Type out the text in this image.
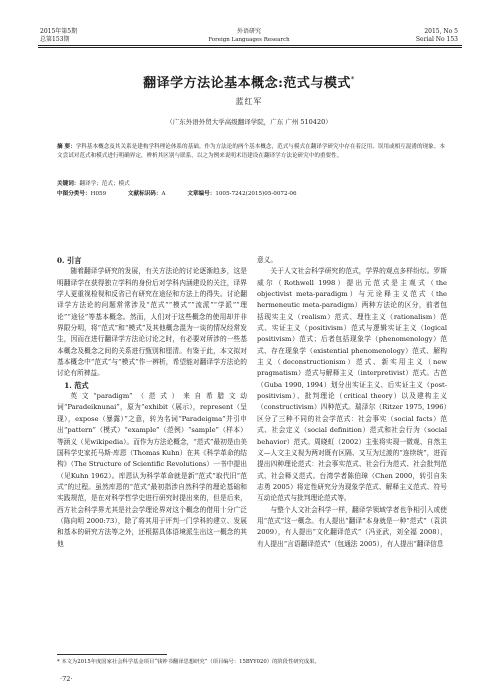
2015年第5期
总第153期
外语研究
Foreign Languages Research
2015, No 5
Serial No 153
翻译学方法论基本概念:范式与模式*
蓝红军
（广东外语外贸大学高级翻译学院，广东 广州 510420）
摘 要：学科基本概念及其关系是建构学科理论体系的基础。作为方法论的两个基本概念，范式与模式在翻译学研究中存在着泛用、误用或相互混淆的现象。本文尝试对范式和模式进行明确界定，辨析其区别与联系，以之为例来说明术语建设在翻译学方法论研究中的重要性。
关键词：翻译学；范式；模式
中图分类号：H059	文献标识码：A	文章编号：1005-7242(2015)05-0072-06

0. 引言

随着翻译学研究的发展，有关方法论的讨论逐渐趋多，这是明翻译学在获得独立学科的身份后对学科内涵建设的关注，译界学人更重视检视和反省已有研究在途径和方法上的得失。讨论翻译学方法论的问题常常涉及“范式”“模式”“流派”“学派”“理论”“途径”等基本概念。然而，人们对于这些概念的使用却并非界限分明，将“范式”和“模式”及其他概念混为一谈的情况经常发生，因而在进行翻译学方法论讨论之时，有必要对所涉的一些基本概念及概念之间的关系进行甄别和厘清。有鉴于此，本文拟对基本概念中“范式”与“模式”作一辨析，希望能对翻译学方法论的讨论有所裨益。

1. 范式

英文“paradigm”（范式）来自希腊文动词“Paradeiknunai”，原为“exhibit（展示），represent（呈现），expose（暴露）”之意，转为名词“Paradeigma”并引申出“pattern”（模式）“example”（范例）“sample”（样本）等涵义（见wikipedia）。而作为方法论概念，“范式”最初是由美国科学史家托马斯·库恩（Thomas Kuhn）在其《科学革命的结构》（The Structure of Scientific Revolutions）一书中提出（见Kuhn 1962）。库恩认为科学革命就是新“范式”取代旧“范式”的过程。虽然库恩的“范式”最初指涉自然科学的理论基础和实践规范，是在对科学哲学史进行研究时提出来的，但是后来，西方社会科学界尤其是社会学理论界对这个概念的借用十分广泛（陈向明 2000:73），除了将其用于评判一门学科的建立、发展和基本的研究方法等之外，还根据具体语境派生出这一概念的其他

意义。

关于人文社会科学研究的范式，学界的观点多样纷纭。罗斯威尔（Rothwell 1998）提出元范式是主观式（the objectivist meta-paradigm）与元诠释主义范式（the hermeneutic meta-paradigm）两种方法论的区分，前者包括现实主义（realism）范式、理性主义（rationalism）范式、实证主义（positivism）范式与逻辑实证主义（logical positivism）范式；后者包括现象学（phenomenology）范式、存在现象学（existential phenomenology）范式、解构主义（deconstructionism）范式、新实用主义（new pragmatism）范式与解释主义（interpretivist）范式。古芭（Guba 1990, 1994）划分出实证主义、后实证主义（post-positivism）、批判理论（critical theory）以及建构主义（constructivism）四种范式。瑞泽尔（Ritzer 1975, 1996）区分了三种不同的社会学范式：社会事实（social facts）范式、社会定义（social definition）范式和社会行为（social behavior）范式。周晓虹（2002）主张将实现一微观、自然主义—人文主义视为两对既有区隔、又互为过渡的“连续统”，进而提出四种理论范式：社会事实范式、社会行为范式、社会批判范式、社会释义范式。台湾学者陈伯璋（Chen 2000，转引自朱志勇 2005）将定性研究分为现象学范式、解释主义范式、符号互动论范式与批判理论范式等。

与整个人文社会科学一样，翻译学领域学者也争相引入或使用“范式”这一概念。有人提出“翻译”本身就是一种“范式”（袁洪 2009），有人提出“文化翻译范式”（冯亚武，刘全福 2008），有人提出“言语翻译范式”（包通法 2005），有人提出“翻译信息

* 本文为2015年度国家社会科学基金项目“钱钟书翻译思想研究”（项目编号：15BYY020）的阶段性研究成果。
·72·
